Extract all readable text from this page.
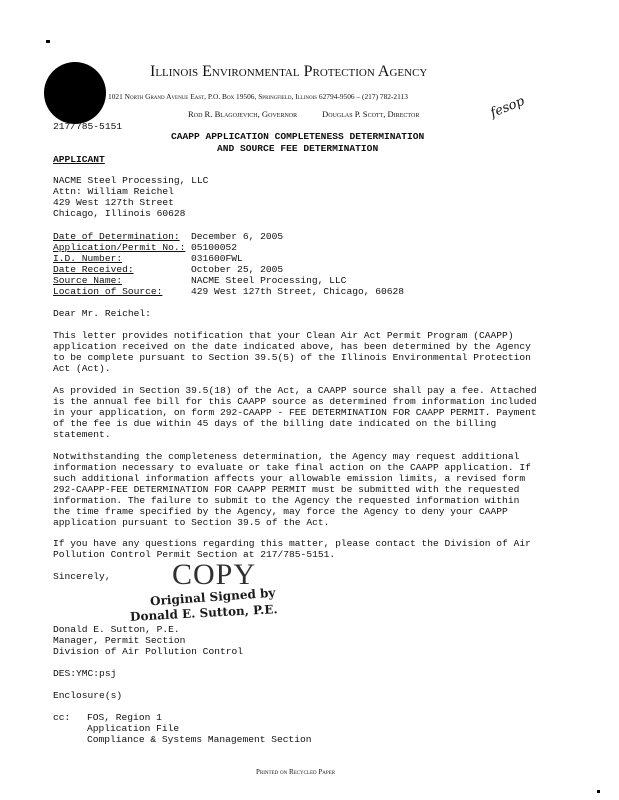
Illinois Environmental Protection Agency
1021 North Grand Avenue East, P.O. Box 19506, Springfield, Illinois 62794-9506 – (217) 782-2113
Rod R. Blagojevich, Governor	Douglas P. Scott, Director
217/785-5151
fesop
CAAPP APPLICATION COMPLETENESS DETERMINATION
AND SOURCE FEE DETERMINATION
APPLICANT
NACME Steel Processing, LLC
Attn: William Reichel
429 West 127th Street
Chicago, Illinois 60628
Date of Determination:
Application/Permit No.:
I.D. Number:
Date Received:
Source Name:
Location of Source:
December 6, 2005
05100052
031600FWL
October 25, 2005
NACME Steel Processing, LLC
429 West 127th Street, Chicago, 60628
Dear Mr. Reichel:
This letter provides notification that your Clean Air Act Permit Program (CAAPP)
application received on the date indicated above, has been determined by the Agency
to be complete pursuant to Section 39.5(5) of the Illinois Environmental Protection
Act (Act).
As provided in Section 39.5(18) of the Act, a CAAPP source shall pay a fee. Attached
is the annual fee bill for this CAAPP source as determined from information included
in your application, on form 292-CAAPP - FEE DETERMINATION FOR CAAPP PERMIT. Payment
of the fee is due within 45 days of the billing date indicated on the billing
statement.
Notwithstanding the completeness determination, the Agency may request additional
information necessary to evaluate or take final action on the CAAPP application. If
such additional information affects your allowable emission limits, a revised form
292-CAAPP-FEE DETERMINATION FOR CAAPP PERMIT must be submitted with the requested
information. The failure to submit to the Agency the requested information within
the time frame specified by the Agency, may force the Agency to deny your CAAPP
application pursuant to Section 39.5 of the Act.
If you have any questions regarding this matter, please contact the Division of Air
Pollution Control Permit Section at 217/785-5151.
Sincerely, COPY
Original Signed by
Donald E. Sutton, P.E.
Donald E. Sutton, P.E.
Manager, Permit Section
Division of Air Pollution Control
DES:YMC:psj
Enclosure(s)
cc: FOS, Region 1
Application File
Compliance & Systems Management Section
Printed on Recycled Paper
